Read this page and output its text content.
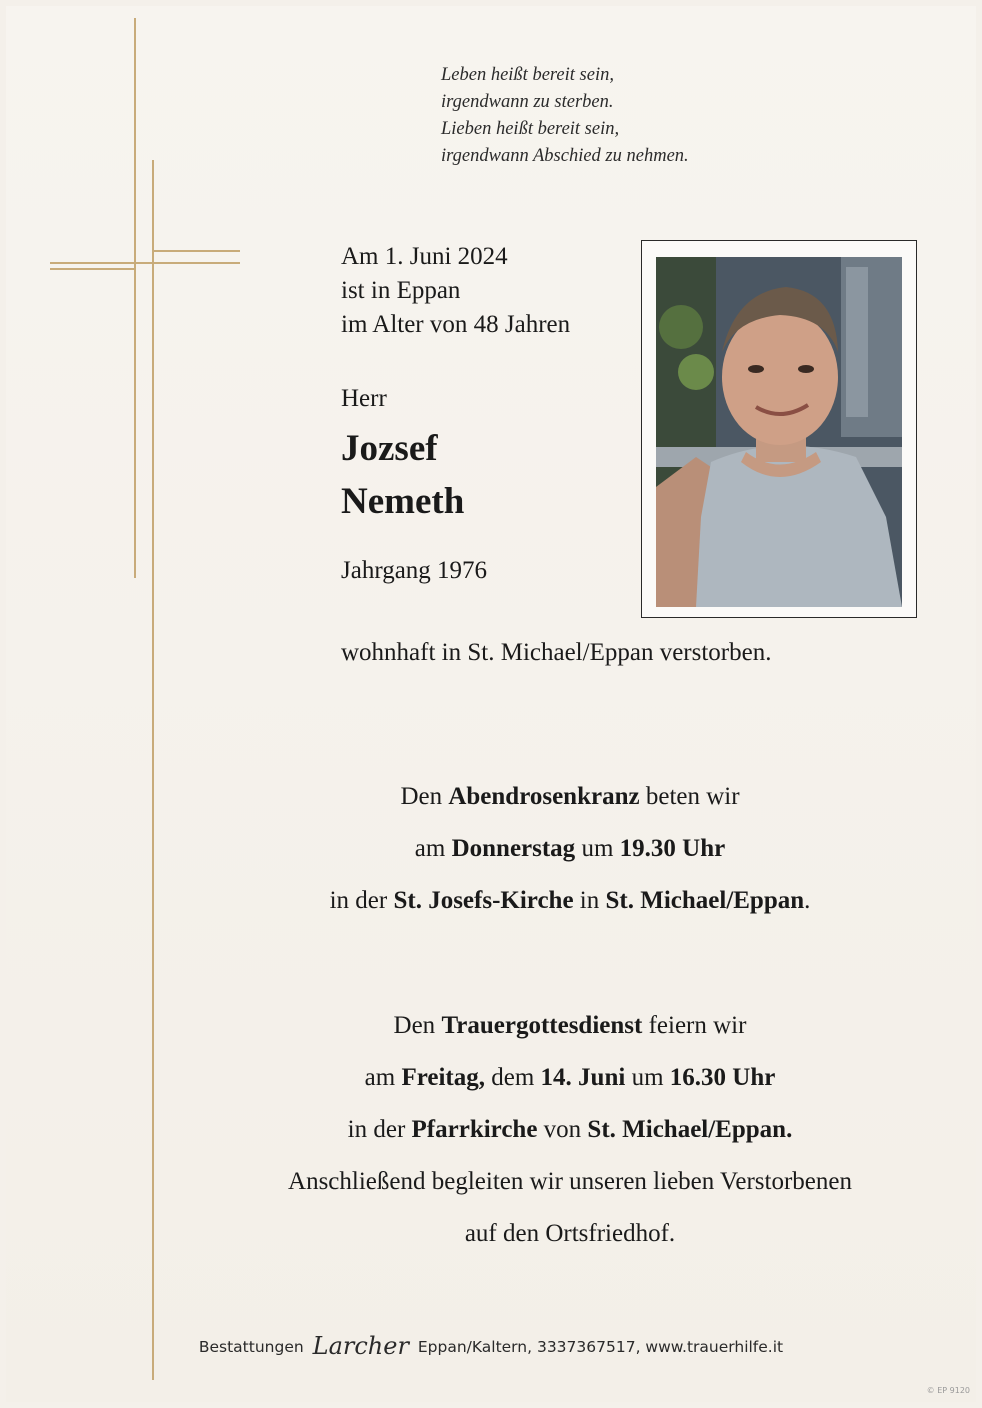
Leben heißt bereit sein,
irgendwann zu sterben.
Lieben heißt bereit sein,
irgendwann Abschied zu nehmen.
Am 1. Juni 2024
ist in Eppan
im Alter von 48 Jahren
Herr
Jozsef
Nemeth
Jahrgang 1976
wohnhaft in St. Michael/Eppan verstorben.
Den Abendrosenkranz beten wir
am Donnerstag um 19.30 Uhr
in der St. Josefs-Kirche in St. Michael/Eppan.
Den Trauergottesdienst feiern wir
am Freitag, dem 14. Juni um 16.30 Uhr
in der Pfarrkirche von St. Michael/Eppan.
Anschließend begleiten wir unseren lieben Verstorbenen
auf den Ortsfriedhof.
Bestattungen Larcher Eppan/Kaltern, 3337367517, www.trauerhilfe.it
© EP 9120
